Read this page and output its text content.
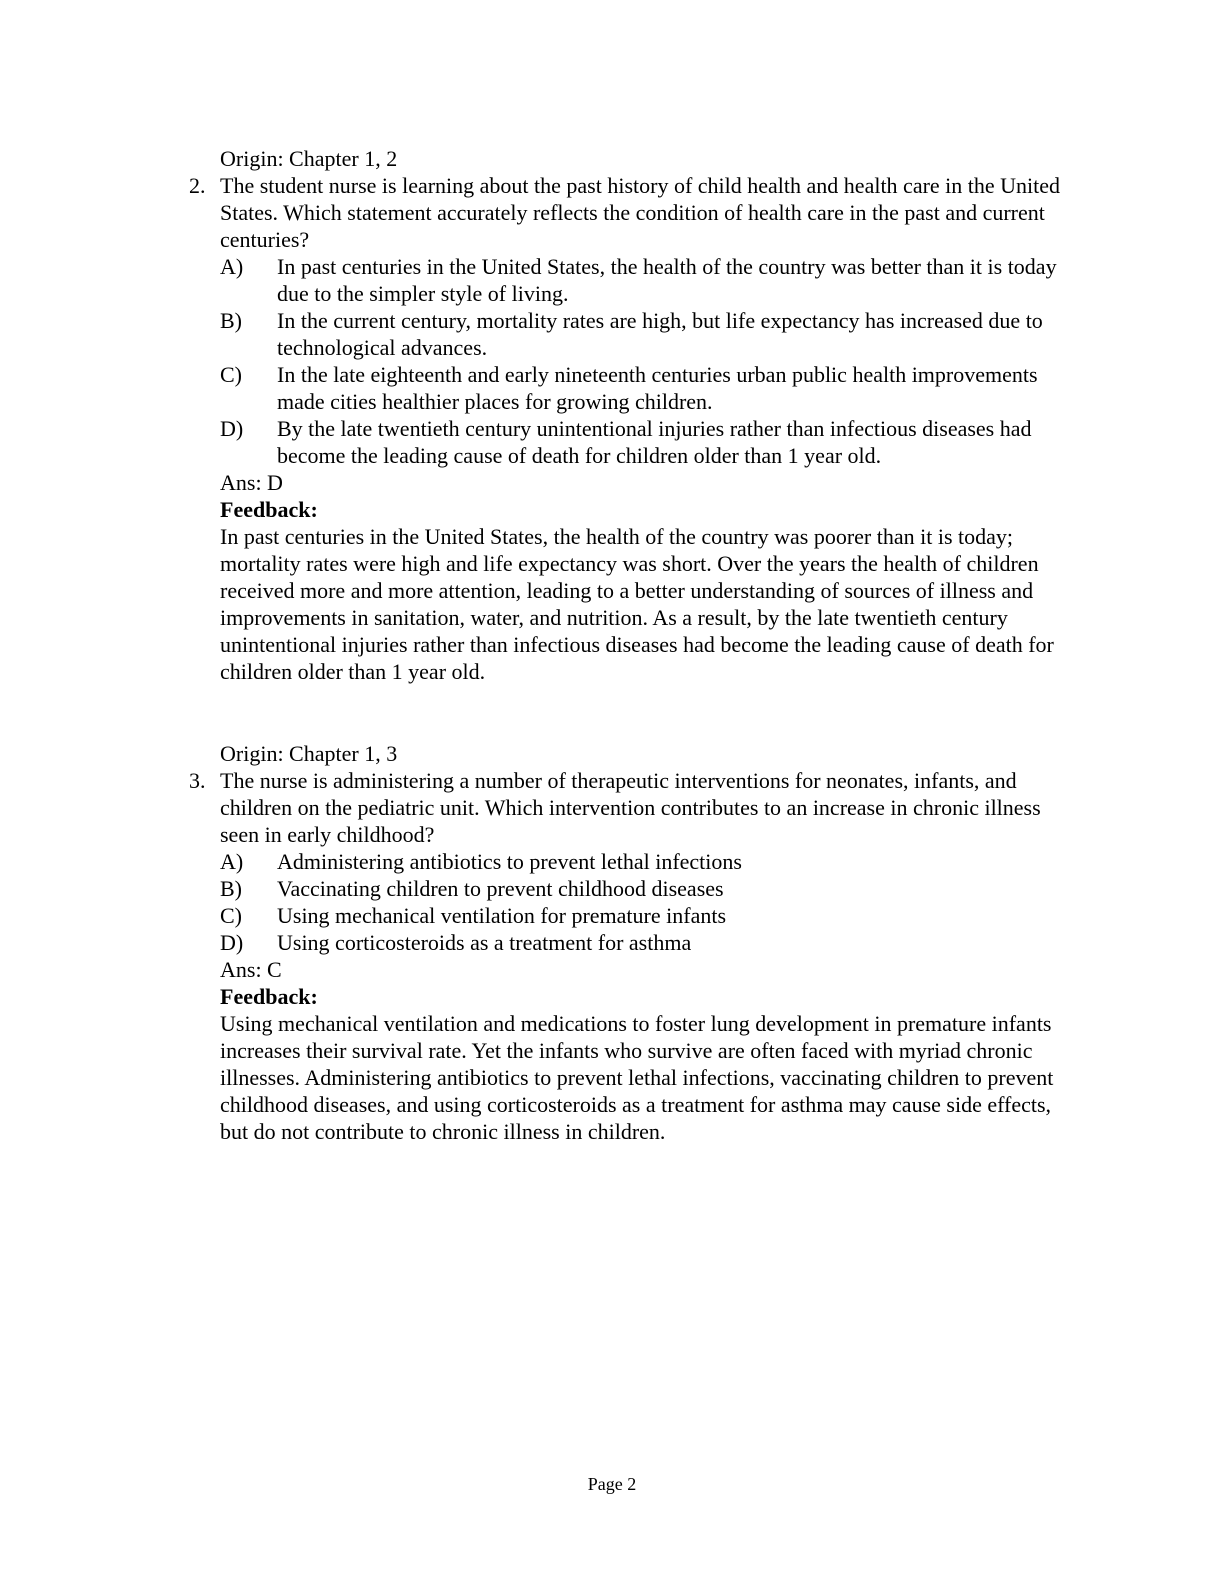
Origin: Chapter 1, 2
2. The student nurse is learning about the past history of child health and health care in the United States. Which statement accurately reflects the condition of health care in the past and current centuries?
A) In past centuries in the United States, the health of the country was better than it is today due to the simpler style of living.
B) In the current century, mortality rates are high, but life expectancy has increased due to technological advances.
C) In the late eighteenth and early nineteenth centuries urban public health improvements made cities healthier places for growing children.
D) By the late twentieth century unintentional injuries rather than infectious diseases had become the leading cause of death for children older than 1 year old.
Ans: D
Feedback:
In past centuries in the United States, the health of the country was poorer than it is today; mortality rates were high and life expectancy was short. Over the years the health of children received more and more attention, leading to a better understanding of sources of illness and improvements in sanitation, water, and nutrition. As a result, by the late twentieth century unintentional injuries rather than infectious diseases had become the leading cause of death for children older than 1 year old.
Origin: Chapter 1, 3
3. The nurse is administering a number of therapeutic interventions for neonates, infants, and children on the pediatric unit. Which intervention contributes to an increase in chronic illness seen in early childhood?
A) Administering antibiotics to prevent lethal infections
B) Vaccinating children to prevent childhood diseases
C) Using mechanical ventilation for premature infants
D) Using corticosteroids as a treatment for asthma
Ans: C
Feedback:
Using mechanical ventilation and medications to foster lung development in premature infants increases their survival rate. Yet the infants who survive are often faced with myriad chronic illnesses. Administering antibiotics to prevent lethal infections, vaccinating children to prevent childhood diseases, and using corticosteroids as a treatment for asthma may cause side effects, but do not contribute to chronic illness in children.
Page 2
